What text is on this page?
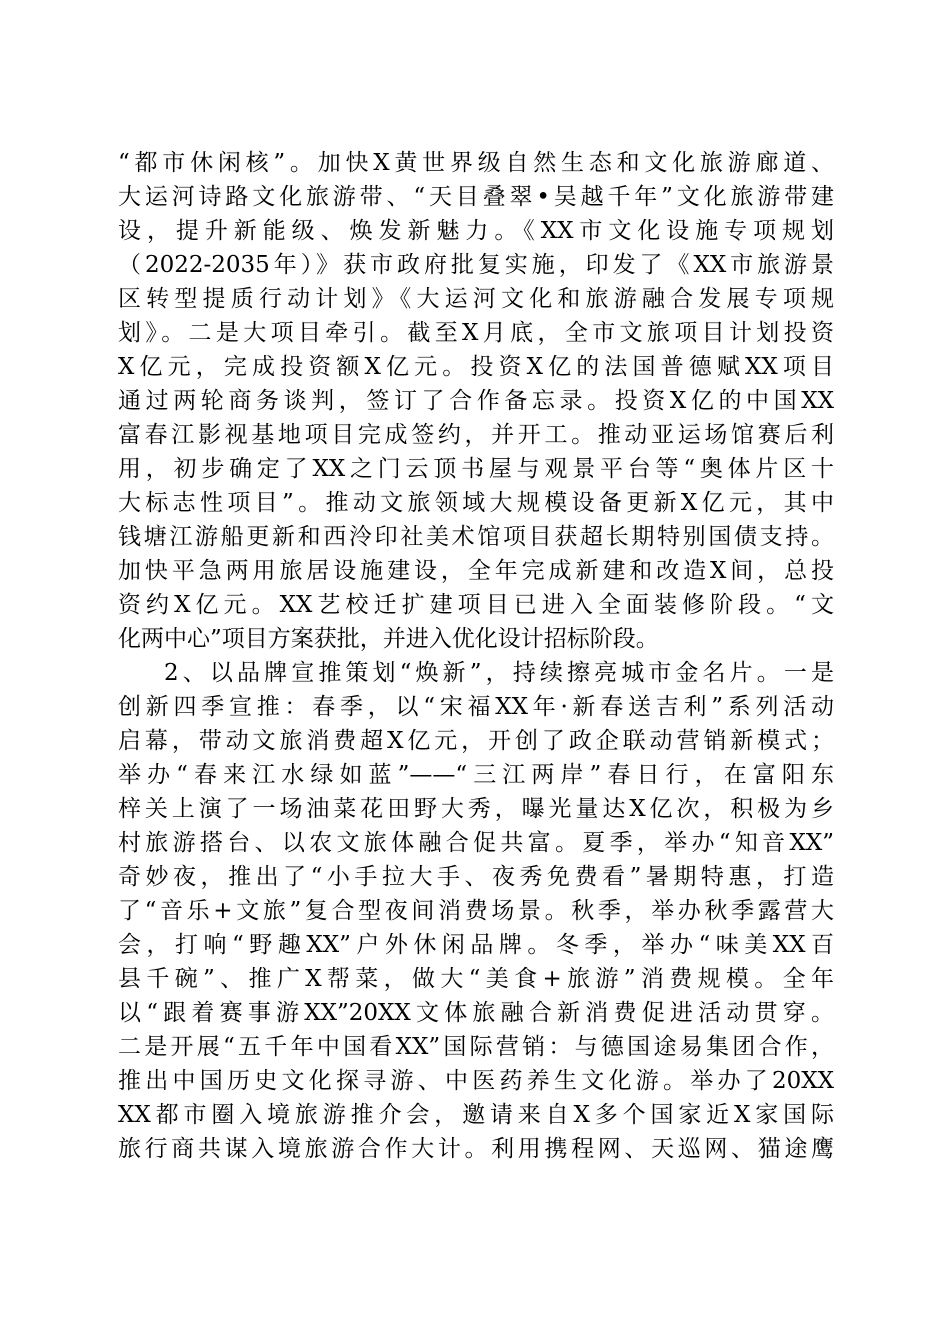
“都市休闲核”。加快X黄世界级自然生态和文化旅游廊道、
大运河诗路文化旅游带、“天目叠翠•吴越千年”文化旅游带建
设，提升新能级、焕发新魅力。《XX市文化设施专项规划
（2022-2035年）》获市政府批复实施，印发了《XX市旅游景
区转型提质行动计划》《大运河文化和旅游融合发展专项规
划》。二是大项目牵引。截至X月底，全市文旅项目计划投资
X亿元，完成投资额X亿元。投资X亿的法国普德赋XX项目
通过两轮商务谈判，签订了合作备忘录。投资X亿的中国XX
富春江影视基地项目完成签约，并开工。推动亚运场馆赛后利
用，初步确定了XX之门云顶书屋与观景平台等“奥体片区十
大标志性项目”。推动文旅领域大规模设备更新X亿元，其中
钱塘江游船更新和西泠印社美术馆项目获超长期特别国债支持。
加快平急两用旅居设施建设，全年完成新建和改造X间，总投
资约X亿元。XX艺校迁扩建项目已进入全面装修阶段。“文
化两中心”项目方案获批，并进入优化设计招标阶段。
2、以品牌宣推策划“焕新”，持续擦亮城市金名片。一是
创新四季宣推：春季，以“宋福XX年·新春送吉利”系列活动
启幕，带动文旅消费超X亿元，开创了政企联动营销新模式；
举办“春来江水绿如蓝”——“三江两岸”春日行，在富阳东
梓关上演了一场油菜花田野大秀，曝光量达X亿次，积极为乡
村旅游搭台、以农文旅体融合促共富。夏季，举办“知音XX”
奇妙夜，推出了“小手拉大手、夜秀免费看”暑期特惠，打造
了“音乐+文旅”复合型夜间消费场景。秋季，举办秋季露营大
会，打响“野趣XX”户外休闲品牌。冬季，举办“味美XX百
县千碗”、推广X帮菜，做大“美食+旅游”消费规模。全年
以“跟着赛事游XX”20XX文体旅融合新消费促进活动贯穿。
二是开展“五千年中国看XX”国际营销：与德国途易集团合作，
推出中国历史文化探寻游、中医药养生文化游。举办了20XX
XX都市圈入境旅游推介会，邀请来自X多个国家近X家国际
旅行商共谋入境旅游合作大计。利用携程网、天巡网、猫途鹰
